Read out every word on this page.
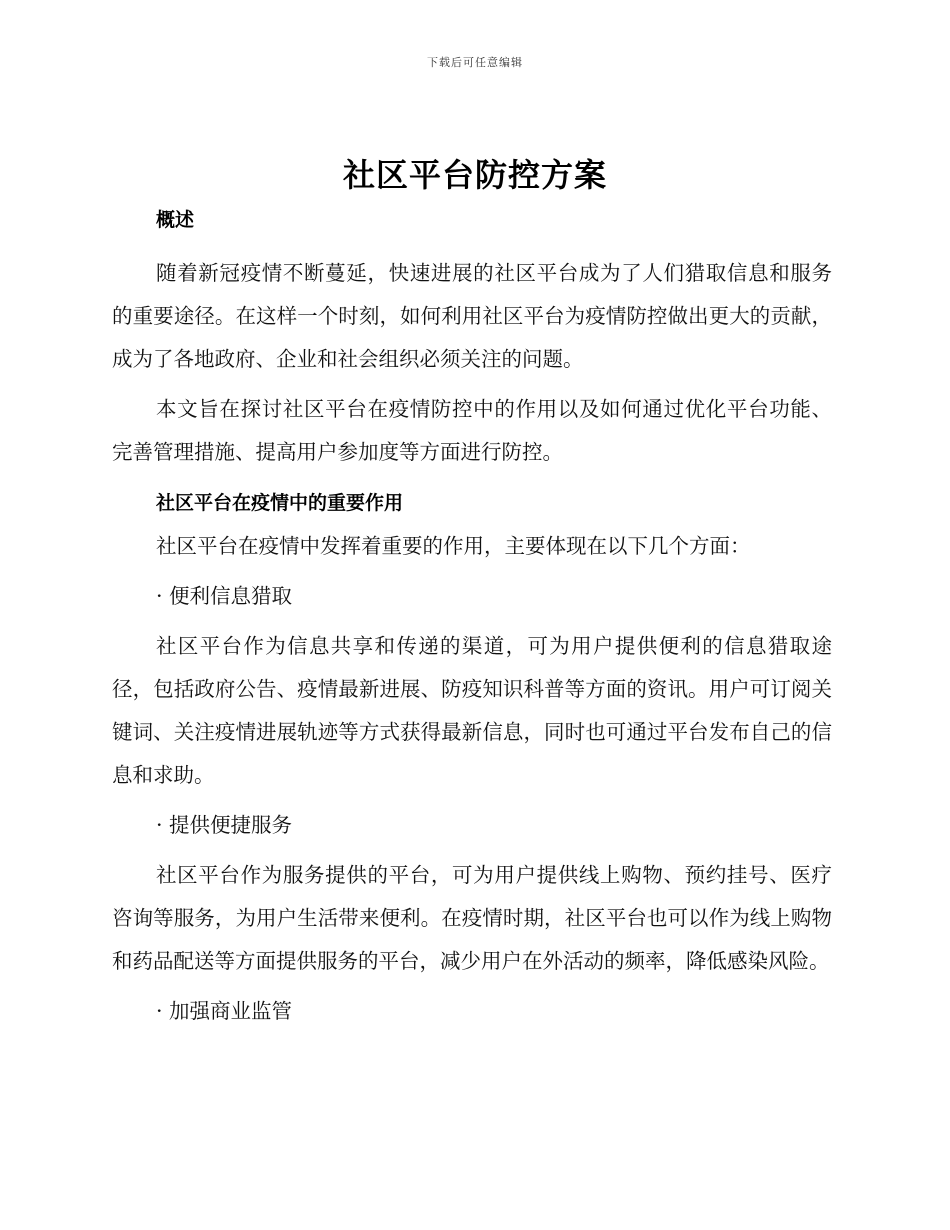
下载后可任意编辑
社区平台防控方案
概述

随着新冠疫情不断蔓延，快速进展的社区平台成为了人们猎取信息和服务的重要途径。在这样一个时刻，如何利用社区平台为疫情防控做出更大的贡献，成为了各地政府、企业和社会组织必须关注的问题。

本文旨在探讨社区平台在疫情防控中的作用以及如何通过优化平台功能、完善管理措施、提高用户参加度等方面进行防控。

社区平台在疫情中的重要作用

社区平台在疫情中发挥着重要的作用，主要体现在以下几个方面：

· 便利信息猎取

社区平台作为信息共享和传递的渠道，可为用户提供便利的信息猎取途径，包括政府公告、疫情最新进展、防疫知识科普等方面的资讯。用户可订阅关键词、关注疫情进展轨迹等方式获得最新信息，同时也可通过平台发布自己的信息和求助。

· 提供便捷服务

社区平台作为服务提供的平台，可为用户提供线上购物、预约挂号、医疗咨询等服务，为用户生活带来便利。在疫情时期，社区平台也可以作为线上购物和药品配送等方面提供服务的平台，减少用户在外活动的频率，降低感染风险。

· 加强商业监管
